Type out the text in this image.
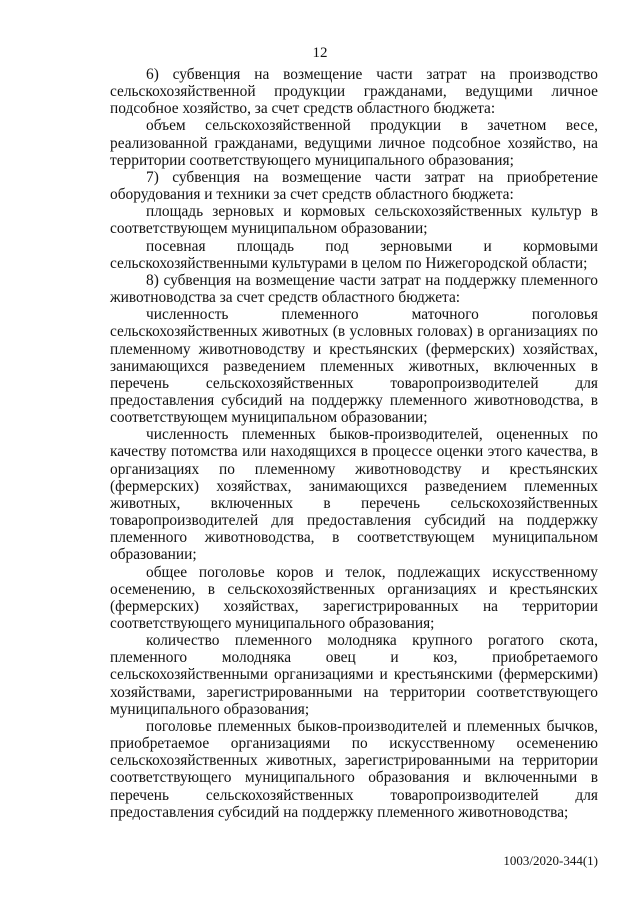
12

6) субвенция на возмещение части затрат на производство сельскохозяйственной продукции гражданами, ведущими личное подсобное хозяйство, за счет средств областного бюджета:

объем сельскохозяйственной продукции в зачетном весе, реализованной гражданами, ведущими личное подсобное хозяйство, на территории соответствующего муниципального образования;

7) субвенция на возмещение части затрат на приобретение оборудования и техники за счет средств областного бюджета:

площадь зерновых и кормовых сельскохозяйственных культур в соответствующем муниципальном образовании;

посевная площадь под зерновыми и кормовыми сельскохозяйственными культурами в целом по Нижегородской области;

8) субвенция на возмещение части затрат на поддержку племенного животноводства за счет средств областного бюджета:

численность племенного маточного поголовья сельскохозяйственных животных (в условных головах) в организациях по племенному животноводству и крестьянских (фермерских) хозяйствах, занимающихся разведением племенных животных, включенных в перечень сельскохозяйственных товаропроизводителей для предоставления субсидий на поддержку племенного животноводства, в соответствующем муниципальном образовании;

численность племенных быков-производителей, оцененных по качеству потомства или находящихся в процессе оценки этого качества, в организациях по племенному животноводству и крестьянских (фермерских) хозяйствах, занимающихся разведением племенных животных, включенных в перечень сельскохозяйственных товаропроизводителей для предоставления субсидий на поддержку племенного животноводства, в соответствующем муниципальном образовании;

общее поголовье коров и телок, подлежащих искусственному осеменению, в сельскохозяйственных организациях и крестьянских (фермерских) хозяйствах, зарегистрированных на территории соответствующего муниципального образования;

количество племенного молодняка крупного рогатого скота, племенного молодняка овец и коз, приобретаемого сельскохозяйственными организациями и крестьянскими (фермерскими) хозяйствами, зарегистрированными на территории соответствующего муниципального образования;

поголовье племенных быков-производителей и племенных бычков, приобретаемое организациями по искусственному осеменению сельскохозяйственных животных, зарегистрированными на территории соответствующего муниципального образования и включенными в перечень сельскохозяйственных товаропроизводителей для предоставления субсидий на поддержку племенного животноводства;

1003/2020-344(1)
